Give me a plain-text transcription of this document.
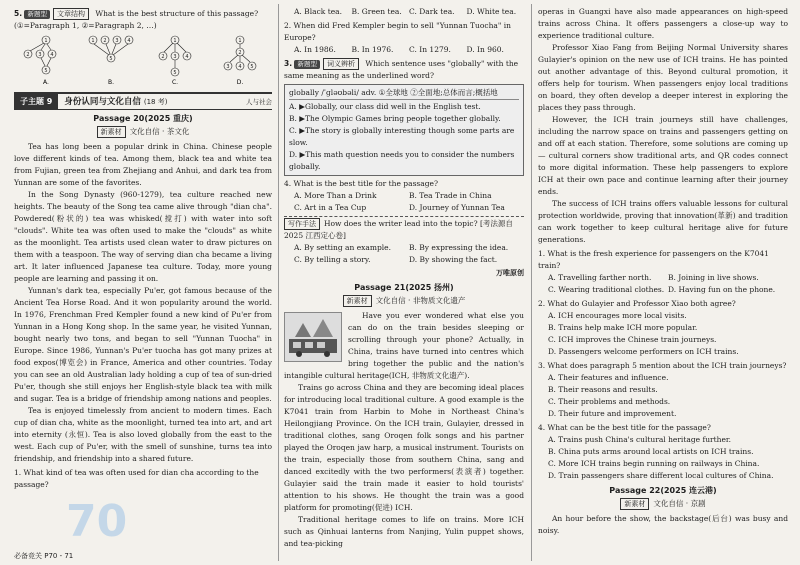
5. 新题型 文章结构 What is the best structure of this passage? (①=Paragraph 1, ②=Paragraph 2, …)
1
2 3 4
5
A.
1 2 3 4
5
B.
1
2 3 4
5
C.
1
2
3 4 5
D.
子主题 9	身份认同与文化自信 (18 考)	人与社会
Passage 20(2025 重庆)
新素材 文化自信 · 茶文化

Tea has long been a popular drink in China. Chinese people love different kinds of tea. Among them, black tea and white tea from Fujian, green tea from Zhejiang and Anhui, and dark tea from Yunnan are some of the favorites.

In the Song Dynasty (960-1279), tea culture reached new heights. The beauty of the Song tea came alive through "dian cha". Powdered(粉状的) tea was whisked(搅打) with water into soft "clouds". White tea was often used to make the "clouds" as white as the moonlight. Tea artists used clean water to draw pictures on them with a teaspoon. The way of serving dian cha became a living art. It later influenced Japanese tea culture. Today, more young people are learning and passing it on.

Yunnan's dark tea, especially Pu'er, got famous because of the Ancient Tea Horse Road. And it won popularity around the world. In 1976, Frenchman Fred Kempler found a new kind of Pu'er from Yunnan in a Hong Kong shop. In the same year, he visited Yunnan, bought nearly two tons, and began to sell "Yunnan Tuocha" in Europe. Since 1986, Yunnan's Pu'er tuocha has got many prizes at food expos(博览会) in France, America and other countries. Today you can see an old Australian lady holding a cup of tea of sun-dried Pu'er, though she still enjoys her English-style black tea with milk and sugar. Tea is a bridge of friendship among nations and peoples.

Tea is enjoyed timelessly from ancient to modern times. Each cup of dian cha, white as the moonlight, turned tea into art, and art into eternity (永恒). Tea is also loved globally from the east to the west. Each cup of Pu'er, with the smell of sunshine, turns tea into friendship, and friendship into a shared future.

1. What kind of tea was often used for dian cha according to the passage?
70
必备竞关 P70 - 71
A. Black tea.	B. Green tea. C. Dark tea.	D. White tea.
2. When did Fred Kempler begin to sell "Yunnan Tuocha" in Europe?
A. In 1986.	B. In 1976.	C. In 1279.	D. In 960.
3. 新题型 词义辨析 Which sentence uses "globally" with the same meaning as the underlined word?
globally /ˈɡləʊbəli/ adv. ①全球地 ②全面地;总体而言;概括地
A. ▶Globally, our class did well in the English test.
B. ▶The Olympic Games bring people together globally.
C. ▶The story is globally interesting though some parts are slow.
D. ▶This math question needs you to consider the numbers globally.
4. What is the best title for the passage?
A. More Than a Drink	B. Tea Trade in China
C. Art in a Tea Cup	D. Journey of Yunnan Tea
写作手法 How does the writer lead into the topic? [考法源自 2025 江西定心卷]
A. By setting an example.	B. By expressing the idea.
C. By telling a story.	D. By showing the fact.
万唯原创
Passage 21(2025 扬州)
新素材 文化自信 · 非物质文化遗产

Have you ever wondered what else you can do on the train besides sleeping or scrolling through your phone? Actually, in China, trains have turned into centres which bring together the public and the nation's intangible cultural heritage(ICH, 非物质文化遗产).

Trains go across China and they are becoming ideal places for introducing local traditional culture. A good example is the K7041 train from Harbin to Mohe in Northeast China's Heilongjiang Province. On the ICH train, Gulayier, dressed in traditional clothes, sang Oroqen folk songs and his partner played the Oroqen jaw harp, a musical instrument. Tourists on the train, especially those from southern China, sang and danced excitedly with the two performers(表演者) together. Gulayier said the train made it easier to hold tourists' attention to his shows. He thought the train was a good platform for promoting(促进) ICH.

Traditional heritage comes to life on trains. More ICH such as Qinhuai lanterns from Nanjing, Yulin puppet shows, and tea-picking

operas in Guangxi have also made appearances on high-speed trains across China. It offers passengers a close-up way to experience traditional culture.

Professor Xiao Fang from Beijing Normal University shares Gulayier's opinion on the new use of ICH trains. He has pointed out another advantage of this. Beyond cultural promotion, it offers help for tourism. When passengers enjoy local traditions on board, they often develop a deeper interest in exploring the places they pass through.

However, the ICH train journeys still have challenges, including the narrow space on trains and passengers getting on and off at each station. Therefore, some solutions are coming up — cultural corners show traditional arts, and QR codes connect to more digital information. These help passengers to explore ICH at their own pace and continue learning after their journey ends.

The success of ICH trains offers valuable lessons for cultural protection worldwide, proving that innovation(革新) and tradition can work together to keep cultural heritage alive for future generations.

1. What is the fresh experience for passengers on the K7041 train?
A. Travelling farther north.	B. Joining in live shows.
C. Wearing traditional clothes. D. Having fun on the phone.
2. What do Gulayier and Professor Xiao both agree?
A. ICH encourages more local visits.
B. Trains help make ICH more popular.
C. ICH improves the Chinese train journeys.
D. Passengers welcome performers on ICH trains.
3. What does paragraph 5 mention about the ICH train journeys?
A. Their features and influence.
B. Their reasons and results.
C. Their problems and methods.
D. Their future and improvement.
4. What can be the best title for the passage?
A. Trains push China's cultural heritage further.
B. China puts arms around local artists on ICH trains.
C. More ICH trains begin running on railways in China.
D. Train passengers share different local cultures of China.
Passage 22(2025 连云港)
新素材 文化自信 · 京剧

An hour before the show, the backstage(后台) was busy and noisy.
